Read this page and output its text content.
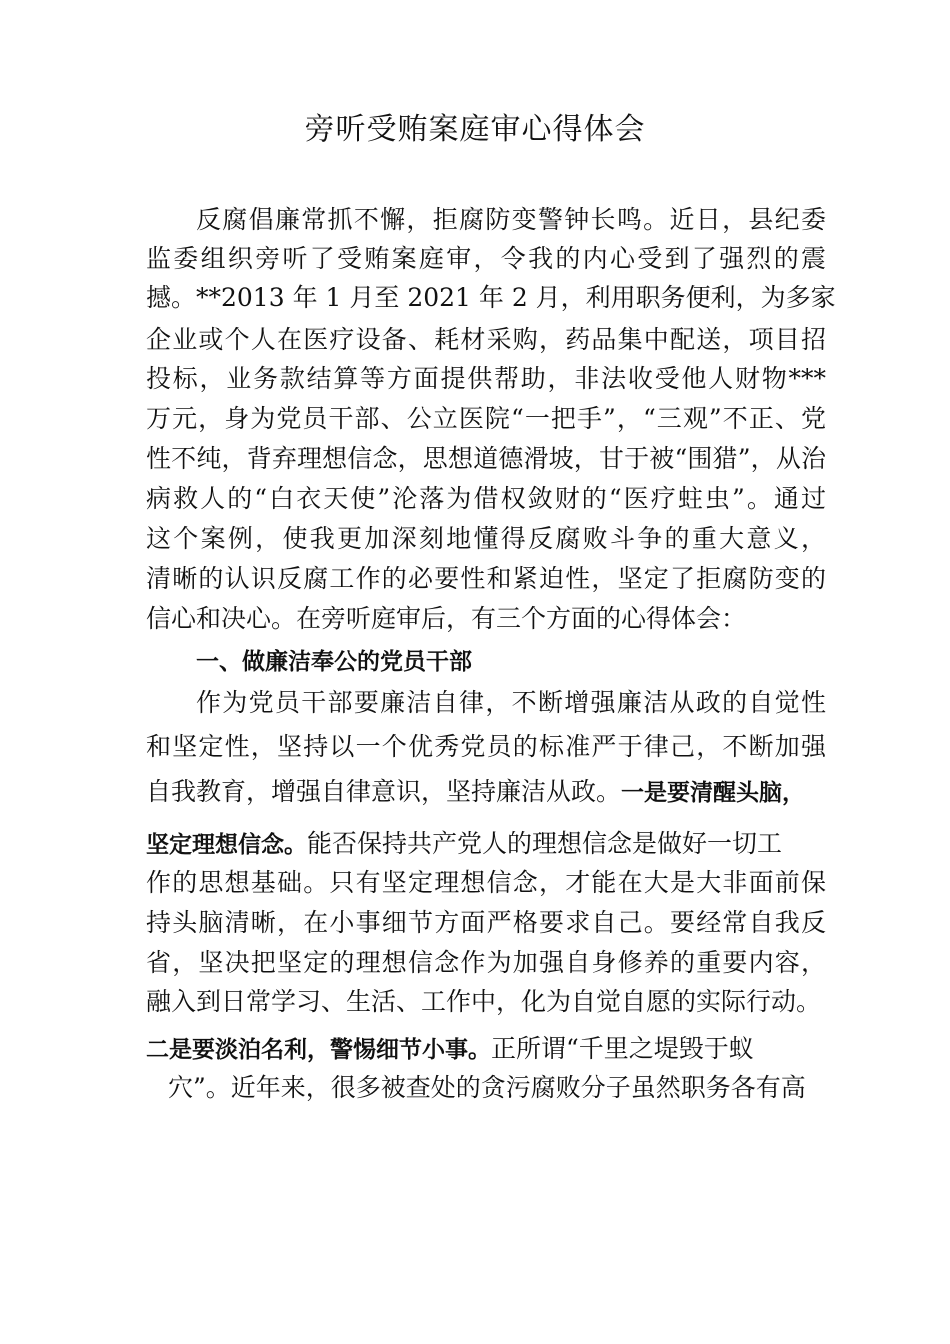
旁听受贿案庭审心得体会

反腐倡廉常抓不懈，拒腐防变警钟长鸣。近日，县纪委

监委组织旁听了受贿案庭审，令我的内心受到了强烈的震

撼。**2013 年 1 月至 2021 年 2 月，利用职务便利，为多家

企业或个人在医疗设备、耗材采购，药品集中配送，项目招

投标，业务款结算等方面提供帮助，非法收受他人财物***

万元，身为党员干部、公立医院“一把手”，“三观”不正、党

性不纯，背弃理想信念，思想道德滑坡，甘于被“围猎”，从治

病救人的“白衣天使”沦落为借权敛财的“医疗蛀虫”。通过

这个案例，使我更加深刻地懂得反腐败斗争的重大意义，

清晰的认识反腐工作的必要性和紧迫性，坚定了拒腐防变的

信心和决心。在旁听庭审后，有三个方面的心得体会：

一、做廉洁奉公的党员干部

作为党员干部要廉洁自律，不断增强廉洁从政的自觉性

和坚定性，坚持以一个优秀党员的标准严于律己，不断加强

自我教育，增强自律意识，坚持廉洁从政。一是要清醒头脑，

坚定理想信念。能否保持共产党人的理想信念是做好一切工

作的思想基础。只有坚定理想信念，才能在大是大非面前保

持头脑清晰，在小事细节方面严格要求自己。要经常自我反

省，坚决把坚定的理想信念作为加强自身修养的重要内容，

融入到日常学习、生活、工作中，化为自觉自愿的实际行动。

二是要淡泊名利，警惕细节小事。正所谓“千里之堤毁于蚁

穴”。近年来，很多被查处的贪污腐败分子虽然职务各有高
